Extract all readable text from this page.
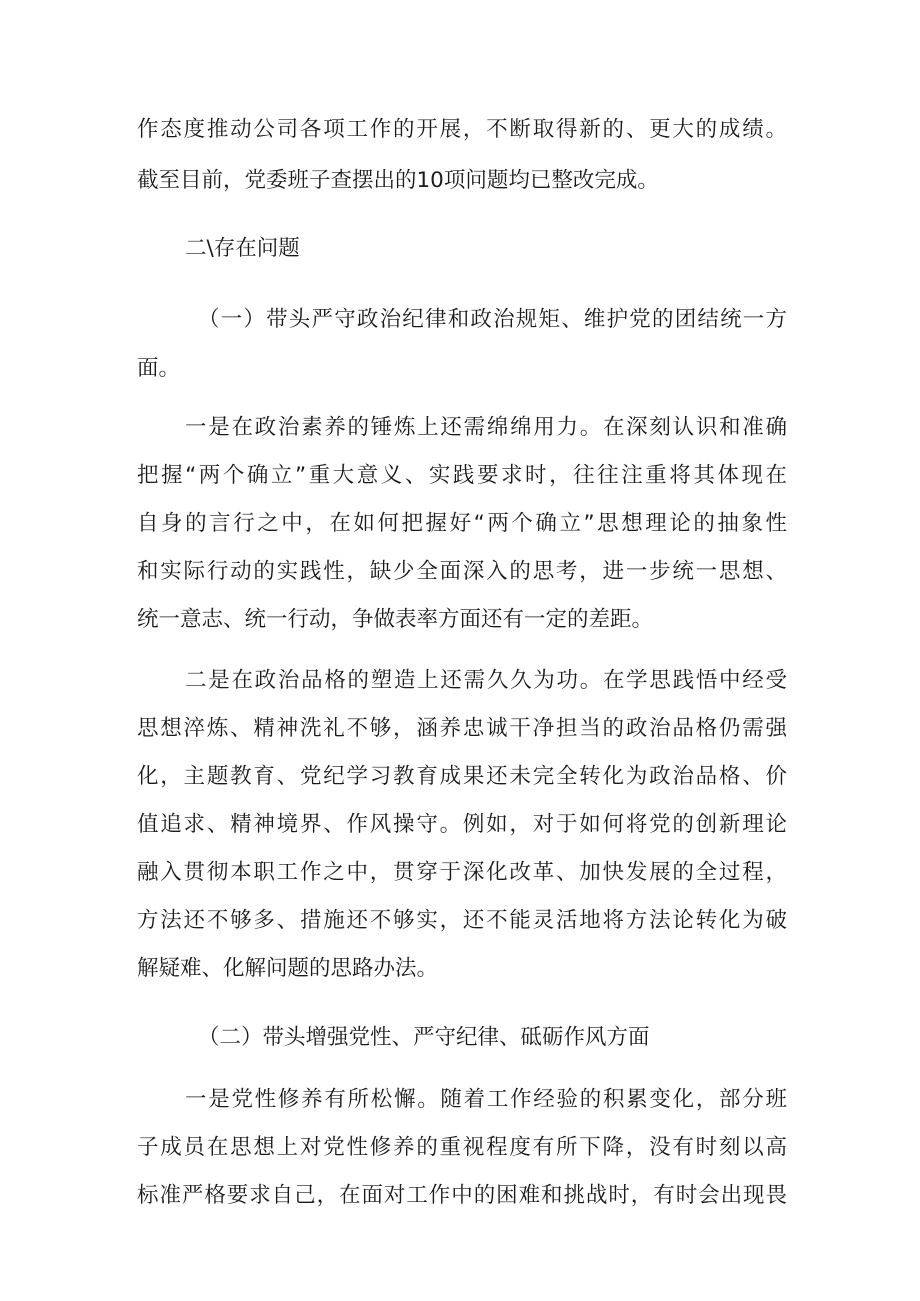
作态度推动公司各项工作的开展，不断取得新的、更大的成绩。
截至目前，党委班子查摆出的10项问题均已整改完成。
二\存在问题
（一）带头严守政治纪律和政治规矩、维护党的团结统一方
面。
一是在政治素养的锤炼上还需绵绵用力。在深刻认识和准确
把握“两个确立”重大意义、实践要求时，往往注重将其体现在
自身的言行之中，在如何把握好“两个确立”思想理论的抽象性
和实际行动的实践性，缺少全面深入的思考，进一步统一思想、
统一意志、统一行动，争做表率方面还有一定的差距。
二是在政治品格的塑造上还需久久为功。在学思践悟中经受
思想淬炼、精神洗礼不够，涵养忠诚干净担当的政治品格仍需强
化，主题教育、党纪学习教育成果还未完全转化为政治品格、价
值追求、精神境界、作风操守。例如，对于如何将党的创新理论
融入贯彻本职工作之中，贯穿于深化改革、加快发展的全过程，
方法还不够多、措施还不够实，还不能灵活地将方法论转化为破
解疑难、化解问题的思路办法。
（二）带头增强党性、严守纪律、砥砺作风方面
一是党性修养有所松懈。随着工作经验的积累变化，部分班
子成员在思想上对党性修养的重视程度有所下降，没有时刻以高
标准严格要求自己，在面对工作中的困难和挑战时，有时会出现畏
